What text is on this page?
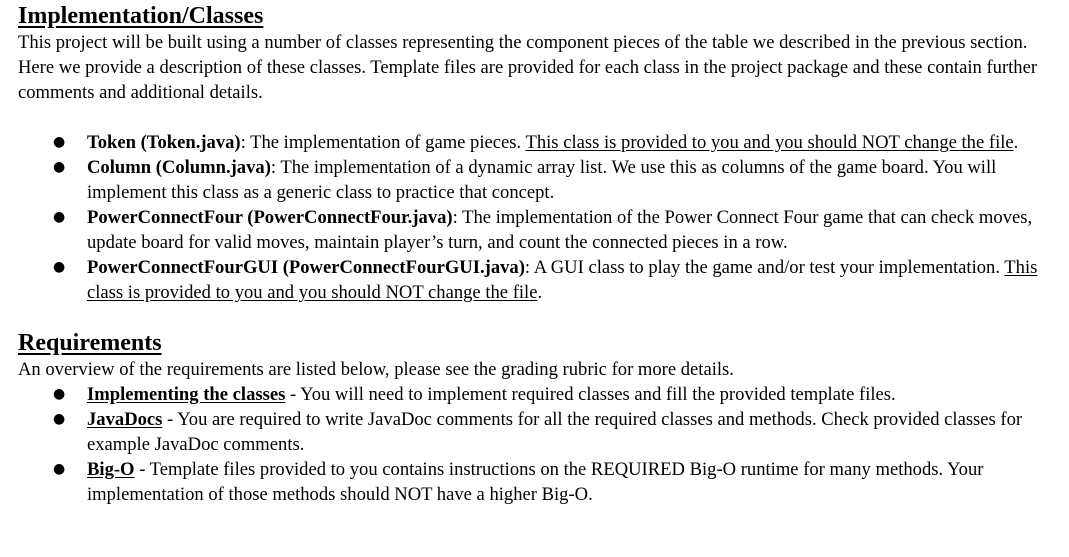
Implementation/Classes

This project will be built using a number of classes representing the component pieces of the table we described in the previous section. Here we provide a description of these classes. Template files are provided for each class in the project package and these contain further comments and additional details.

● Token (Token.java): The implementation of game pieces. This class is provided to you and you should NOT change the file.
● Column (Column.java): The implementation of a dynamic array list. We use this as columns of the game board. You will implement this class as a generic class to practice that concept.
● PowerConnectFour (PowerConnectFour.java): The implementation of the Power Connect Four game that can check moves, update board for valid moves, maintain player’s turn, and count the connected pieces in a row.
● PowerConnectFourGUI (PowerConnectFourGUI.java): A GUI class to play the game and/or test your implementation. This class is provided to you and you should NOT change the file.
Requirements

An overview of the requirements are listed below, please see the grading rubric for more details.

● Implementing the classes - You will need to implement required classes and fill the provided template files.
● JavaDocs - You are required to write JavaDoc comments for all the required classes and methods. Check provided classes for example JavaDoc comments.
● Big-O - Template files provided to you contains instructions on the REQUIRED Big-O runtime for many methods. Your implementation of those methods should NOT have a higher Big-O.
